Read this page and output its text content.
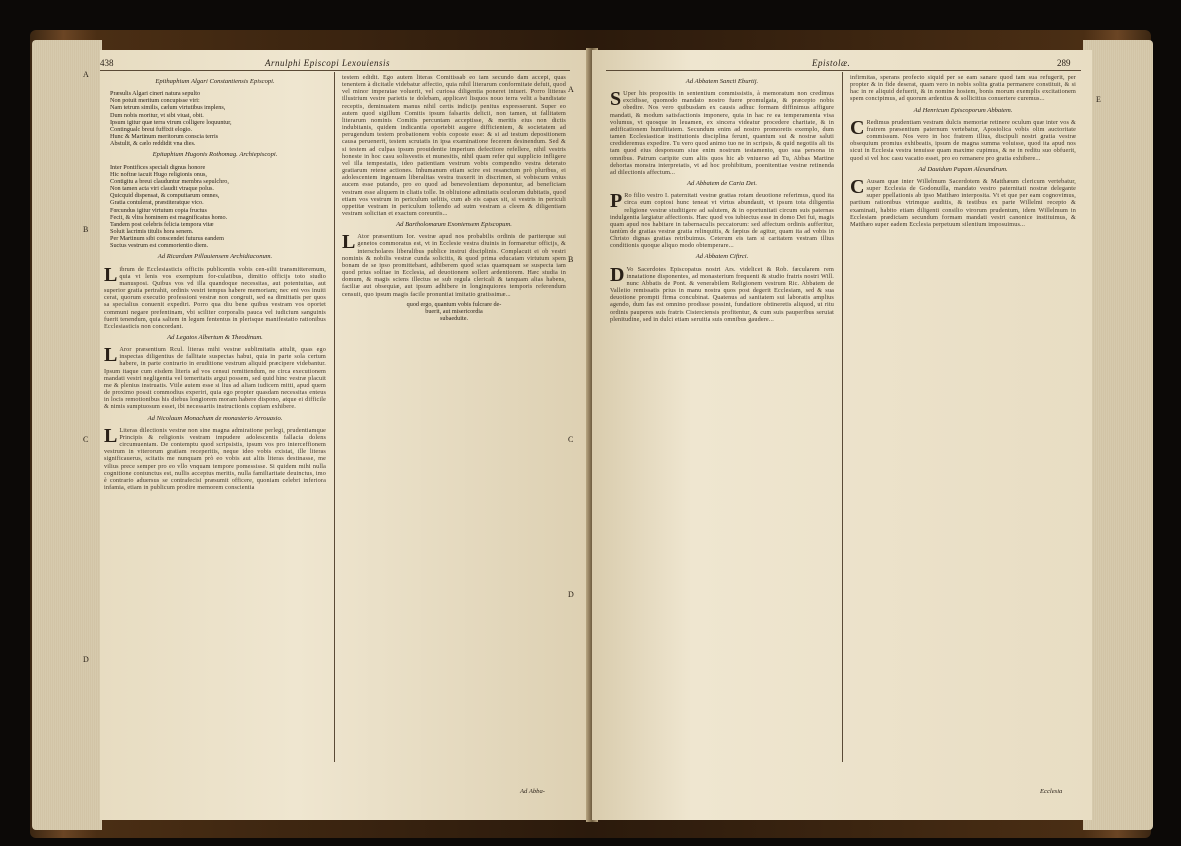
438	Arnulphi Episcopi Lexouiensis
Epithaphium Algari Constantiensis Episcopi.
Præsulis Algari cineri natura sepulto
Non potuit meritum concupisse viri:
Nam tetrum similis, cælum virtutibus implens,
Dum nobis moritur, vt sibi viuat, obit.
Ipsum igitur quæ terra virum colligere loquuntur,
Contingualc breui fuffixit elogio.
Hunc & Martinum meritorum conscia terris
Abstulit, & cælo reddidit vna dies.
Epitaphium Hugonis Rothomag. Archiepiscopi.
Inter Pontifices speciali dignus honore
Hic noftræ iacuit Hugo religionis onus,
Contigitu a breui clauduntur membra sepulchro,
Non tamen acta viri claudit vtraque polus.
Quicquid dispensat, & computtarum omnes,
Gratia contulerat, præstiteratque vico.
Fœcundus igitur virtutum copia fructus
Fecit, & vltra hominem est magnificatus homo.
Tandem post celebris felicia tempora vitæ
Soluit lacrimis titulis hora senem.
Per Martinum sibi conscendet futurus eandem
Suctus vestrum est commorientio diem.
Ad Ricardum Pillauiensem Archidiaconum.

Librum de Ecclesiasticis officiis publicentis vobis cen-silii transmitteremum, quia vt lenis vos exemptum for-culatibus, dimitio officijs toto studio manusposi. Quibus vos vd illa quandoque necessitas, aut potentuitas, aut superior gratia pertrahit, ordinis vestri tempus habere memoriam; nec eni vos inuiti cerat, quorum executio professioni vestræ non congruit, sed ea dimittatis per quos sa specialius conuenit expediri. Porro qua diu bene quibus vestram vos oportet communi negare prefentinam, vbi sciliter corporalis pauca vel iudicium sanguinis fuerit tenendum, quia saltem in legum fententus in plerisque manifestatio rationibus Ecclesiasticis non concordant.

Ad Legatos Albertum & Theodinum.

L Aror præsentium Rcul. literas mihi vestræ sublimitatis attulit, quas ego inspectas diligentius de fallitate suspectas habui, quia in parte sola certum habere, in parte contrario in eruditione vestrum aliquid præcipere videbantur. Ipsum itaque cum eisdem literis ad vos censui remittendum, ne circa executionem mandati vestri negligentia vel temeritatis argui possem, sed quid hinc vestræ placuit me & plenius instruatis. Vtile autem esse si lius ad aliam iudicem mitti, apud quem de proximo possit commodius experiri, quia ego propter quasdam necessitas enteus in locis remotionibus his diebus longiorem moram habere dispono, atque ei difficile & nimis sumptuosum esset, ibi necessariis instructionis copiam exhibere.

Ad Nicolaum Monachum de monasterio Arrouasio.

L Literas dilectionis vestræ non sine magna admiratione perlegi, prudentiamque Principis & religionis vestram impudere adolescentis fallacia dolens circumuentam. De contemptu quod scripsistis, ipsum vos pro interceffionem vestrum in viterorum gratiam receperitis, neque ideo vobis existat, ille literas significauerus, scitatis me nunquam prò eo vobis aut aliis literas destinasse, me vilius prece semper pro eo vllo vnquam tempore pomessisse. Si quidem mihi nulla cognitione coniunctus est, nullis acceptus meritis, nulla familiaritate deuinctus, imo è contrario aduersus se contrafecisi præsumit officere, quoniam celebri inferiora infamia, etiam in publicum prodire memorem conscientia

testem edidit. Ego autem literas Comitissab eo iam secundo dam accepi, quas tenentem à dicitatle videbatur affectio, quia nihil literarum conformitate defuit, quod vel minor imperatae voluerit, vel curiosa diligentia poneret intueri. Porro litteras illustrium vestre parietis te dolebam, applicavi lisquos nouo terra velit a bandistate receptis, deminuatem manus nihil certis indicijs penitus expresserunt. Super eo autem quod sigillum Comitis ipsum falsariis delicii, non tamen, ut fallitatem literarum nominis Comitis percuntam acceptisse, & meritis eius non dictis indubitanis, quidem indicantia oportebit augere difficientem, & societatem ad perugendum testem probationem vobis coposte esse: & si ad testum depositionem causa peruenerit, testem scrutatis in ipsa examinatione fecerem desinendum. Sed & si testem ad culpas ipsum prouidentie imperium defectiore refellere, nihil vestris honeste in hoc casu solisvestis et munesitis, nihil quam refer qui supplicio infligere vel illa tempestatis, ideo patientiam vestrum vobis compendio vestra deterato gratiarum retene actiones. Inhumanum etiam scire est resanctum prò pluribus, ei adolescentem ingenuam liberalitas vestra traxerit in discrimen, si vobiscum vnius aucem esse putando, pro eo quod ad benevolentiam deponuntur, ad beneficiam vestram esse aliquem in cliatis tolle. In obliuione adimitatis oculorum dubitatis, quod etiam vos vestrum in periculum uelitis, cum ab eis capax sit, si vestris in periculi oppetitæ vestram in periculum tollendo ad sutm vestram a cleem & diligentiam vestram solicitan et exactum coreuntis...

Ad Bartholomæum Exoniensem Episcopum.

L Ator præsentium Ior. vestræ apud nos probabilis ordinis de pariterque sui genetos commoratus est, vt in Ecclesie vestra diuinis in formaretur officijs, & interscholares liberalibus publice instrui disciplinis. Complacuit ei ob vestri nominis & nobilis vestræ cunda solicitis, & quod prima educatam virtutum spem bonam de se ipso promittebant, adhiberem quod scias quamquam se suspecta iam quod prius solitae in Ecclesia, ad deuotionem sollert ardentiorem. Hæc studia in domum, & magis sciens illectus se sub regula clericali & tanquam alias habens, faciliæ aut obsequiæ, aut ipsum adhibere in longinquiores temporis referendum censuit, quo ipsum magis facile pronuntiat imitatio gratissimæ...

quod ergo, quantum vobis fulcrare de-
buerit, aut misericordia
subaeduite.
Ad Abba-
A
B
C
D
Epistolæ.	289
Ad Abbatem Sancti Eburtij.

S Uper his propositis in sententium commissistis, à memoratum non credimus excidisse, quomodo mandato nostro fuere promulgata, & præcepto nobis obedire. Nos vero quibusdam ex causis adhuc formam diffinimus affigure mandati, & modum satisfactionis imponere, quia in hac re ea temperamenta visa volumus, vt quosque in leuamen, ex sincera videatur procedere charitate, & in ædificationem humilitatem. Secundum enim ad nostro promoretis exemplo, dum tamen Ecclesiasticæ institutionis disciplina ferunt, quantum sui & nostræ saluti credideremus expedire. Tu vero quod animo tuo ne in scripsis, & quid negotiis ali tis tam quod eius desponsum siue enim nostrum testamento, quo sua persona in omnibus. Patrum caripite cum aliis quos hic ab vniuerso ad Tu, Abbas Martine dehortas monstra interpretatis, vt ad hoc prohibitum, poenitentiae vestræ retinenda ad dilectionis affectum...

Ad Abbatem de Caria Dei.

P Ro filio vestro I. paternitati vestræ gratias rotam deuotione referimus, quod ita circa eum copiosi hunc teneat vt virtus abundauit, vt ipsum tota diligentia religione vestræ studitigere ad salutem, & in oportunitati circum suis paternas indulgentia largiatur affectionis. Hæc quod vos iubiectus esse in domo Dei fui, magis quam apud nos habitare in tabernaculis peccatorum: sed affectum ordinis aufferitur, tantùm de gratias vestræ gratia relinquitis, & fæpius de agitur, quam ita ad vobis in Christo dignas gratias retribuimus. Ceterum eis tam si caritatem vestram illius conditionis quoque aliquo modo obtemperare...

Ad Abbatem Ciftrci.

D Vo Sacerdotes Episcopatus nostri Ars. videlicet & Rob. fæcularem rem innatatione disponentes, ad monasterium frequenti & studio fratris nostri Will. nunc Abbatis de Pont. & venerabilem Religionem vestrum Ric. Abbatem de Valleiio remissatis prius in manu nostra quos post degerit Ecclesiam, sed & sua deuotione prompti firma concubinat. Quatenus ad sanitatem sui laboratis amplius agendo, dum fas est omnino prodisse possint, fundatiore obtineretis aliquod, ut ritu ordinis pauperes suis fratris Cisterciensis profitentur, & cum suis pauperibus seruiat plenitudine, sed in dulci etiam seruitia suis omnibus gaudere...

infirmitas, sperans profecto siquid per se eam sanare quod tam sua refugerit, per propter & in fide deserat, quam vero in nobis solita gratia permanere constituit, & si hac in re aliquid defuerit, & in nomine hostem, bonis morum exemplis excitationem spem concipimus, ad quorum ardentius & sollicitius conuertere curemus...

Ad Henricum Episcoporum Abbatem.

C Redimus prudentiam vestram dulcis memoriæ retinere oculum quæ inter vos & fratrem præsentium paternum vertebatur, Apostolica vobis olim auctoritate commissum. Nos vero in hoc fratrem illius, discipuli nostri gratia vestræ obsequium promius exhibeatis, ipsum de magna summa voluisse, quod ita apud nos sicut in Ecclesia vestra tenuisse quam maxime cupimus, & ne in reditu suo obfuerit, quod si vel hoc casu vacatio esset, pro eo remanere pro gratia exhibere...

Ad Dauidum Papam Alexandrum.

C Ausam quæ inter Willelmum Sacerdotem & Matthæum clericum vertebatur, super Ecclesia de Godonuilla, mandato vestro paternitati nostræ delegante super ppellationis ab ipso Matthæo interposita. Vt et que per eam cognovimus, partium rationibus vtrimque auditis, & testibus ex parte Willelmi recepto & examinati, habito etiam diligenti consilio virorum prudentum, idem Willelmum in Ecclesiam prædictam secundum formam mandati vestri canonice instituimus, & Matthæo super eadem Ecclesia perpetuum silentium imposuimus...

Ecclesia
A
B
C
D
E
